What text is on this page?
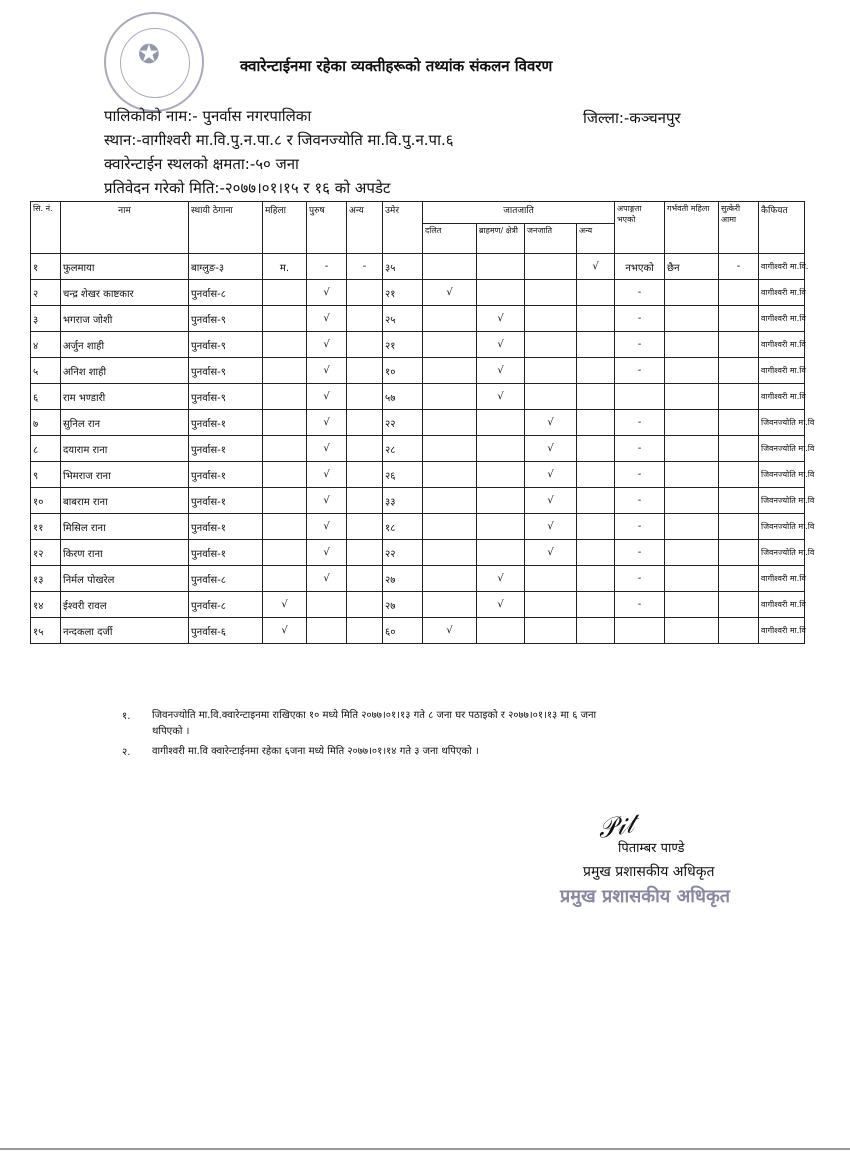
✪	क्वारेन्टाईनमा रहेका व्यक्तीहरूको तथ्यांक संकलन विवरण
पालिकोको नाम:- पुनर्वास नगरपालिका	जिल्ला:-कञ्चनपुर
स्थान:-वागीश्वरी मा.वि.पु.न.पा.८ र जिवनज्योति मा.वि.पु.न.पा.६
क्वारेन्टाईन स्थलको क्षमता:-५० जना
प्रतिवेदन गरेको मिति:-२०७७।०१।१५ र १६ को अपडेट
सि. नं.	नाम	स्थायी ठेगाना	महिला	पुरुष	अन्य	उमेर	जातजाति				अपाङ्गता भएको	गर्भवती महिला	सुत्केरी आमा	कैफियत
							दलित	ब्राहमण/ क्षेत्री	जनजाति	अन्य				
१	फुलमाया	बाग्लुङ-३	म.	-	-	३५				√	नभएको	छैन	-	वागीश्वरी मा.वि.
२	चन्द्र शेखर काष्टकार	पुनर्वास-८		√		२१	√				-			वागीश्वरी मा.वि
३	भगराज जोशी	पुनर्वास-९		√		२५		√			-			वागीश्वरी मा.वि
४	अर्जुन शाही	पुनर्वास-९		√		२१		√			-			वागीश्वरी मा.वि
५	अनिश शाही	पुनर्वास-९		√		१०		√			-			वागीश्वरी मा.वि
६	राम भण्डारी	पुनर्वास-९		√		५७		√						वागीश्वरी मा.वि
७	सुनिल रान	पुनर्वास-१		√		२२			√		-			जिवनज्योति मा.वि
८	दयाराम राना	पुनर्वास-१		√		२८			√		-			जिवनज्योति मा.वि
९	भिमराज राना	पुनर्वास-१		√		२६			√		-			जिवनज्योति मा.वि
१०	बाबराम राना	पुनर्वास-१		√		३३			√		-			जिवनज्योति मा.वि
११	मिसिल राना	पुनर्वास-१		√		१८			√		-			जिवनज्योति मा.वि
१२	किरण राना	पुनर्वास-१		√		२२			√		-			जिवनज्योति मा.वि
१३	निर्मल पोखरेल	पुनर्वास-८		√		२७		√			-			वागीश्वरी मा.वि
१४	ईश्वरी रावल	पुनर्वास-८	√			२७		√			-			वागीश्वरी मा.वि
१५	नन्दकला दर्जी	पुनर्वास-६	√			६०	√							वागीश्वरी मा.वि
१.	जिवनज्योति मा.वि.क्वारेन्टाइनमा राखिएका १० मध्ये मिति २०७७।०१।१३ गते ८ जना घर पठाइको र २०७७।०१।१३ मा ६ जना
थपिएको ।
२.	वागीश्वरी मा.वि क्वारेन्टाईनमा रहेका ६जना मध्ये मिति २०७७।०१।१४ गते ३ जना थपिएको ।
𝒫𝒾𝓉
पिताम्बर पाण्डे
प्रमुख प्रशासकीय अधिकृत
प्रमुख प्रशासकीय अधिकृत
